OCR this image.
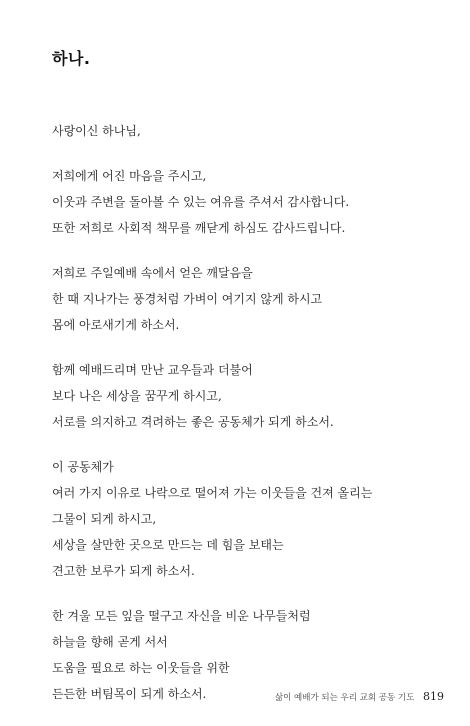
하나.
사랑이신 하나님,
저희에게 어진 마음을 주시고,
이웃과 주변을 돌아볼 수 있는 여유를 주셔서 감사합니다.
또한 저희로 사회적 책무를 깨닫게 하심도 감사드립니다.
저희로 주일예배 속에서 얻은 깨달음을
한 때 지나가는 풍경처럼 가벼이 여기지 않게 하시고
몸에 아로새기게 하소서.
함께 예배드리며 만난 교우들과 더불어
보다 나은 세상을 꿈꾸게 하시고,
서로를 의지하고 격려하는 좋은 공동체가 되게 하소서.
이 공동체가
여러 가지 이유로 나락으로 떨어져 가는 이웃들을 건져 올리는
그물이 되게 하시고,
세상을 살만한 곳으로 만드는 데 힘을 보태는
견고한 보루가 되게 하소서.
한 겨울 모든 잎을 떨구고 자신을 비운 나무들처럼
하늘을 향해 곧게 서서
도움을 필요로 하는 이웃들을 위한
든든한 버팀목이 되게 하소서.	삶이 예배가 되는 우리 교회 공동 기도 819
